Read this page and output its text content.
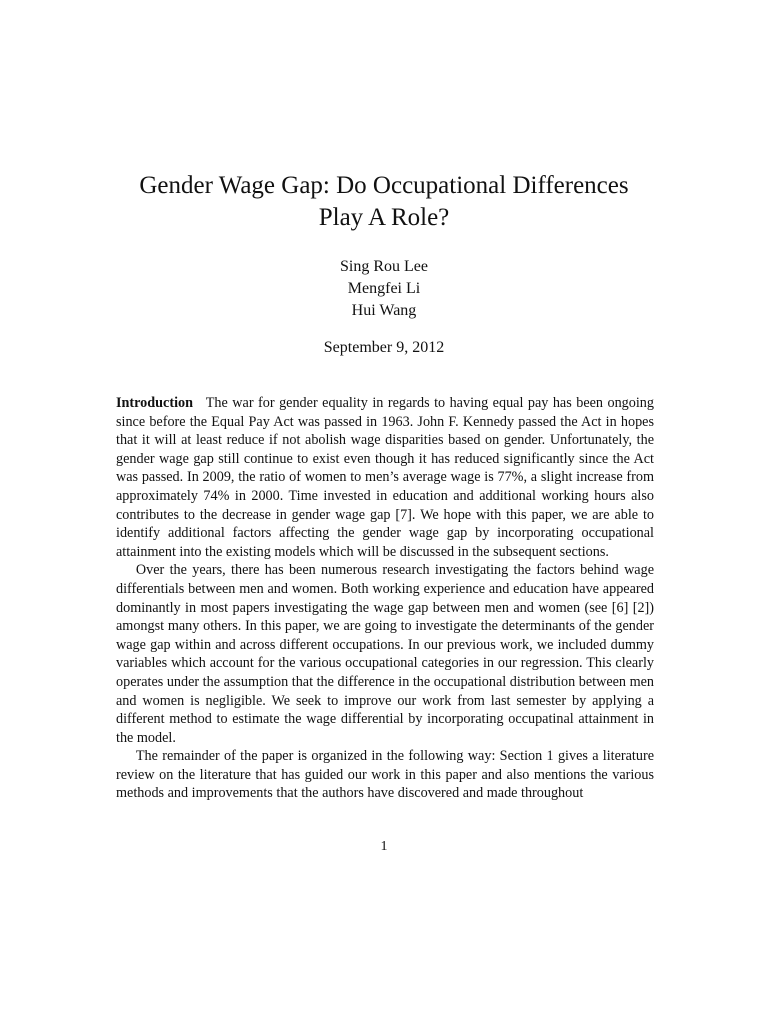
Gender Wage Gap: Do Occupational Differences
Play A Role?
Sing Rou Lee
Mengfei Li
Hui Wang
September 9, 2012

Introduction The war for gender equality in regards to having equal pay has been ongoing since before the Equal Pay Act was passed in 1963. John F. Kennedy passed the Act in hopes that it will at least reduce if not abolish wage disparities based on gender. Unfortunately, the gender wage gap still continue to exist even though it has reduced significantly since the Act was passed. In 2009, the ratio of women to men’s average wage is 77%, a slight increase from approximately 74% in 2000. Time invested in education and additional working hours also contributes to the decrease in gender wage gap [7]. We hope with this paper, we are able to identify additional factors affecting the gender wage gap by incorporating occupational attainment into the existing models which will be discussed in the subsequent sections.

Over the years, there has been numerous research investigating the factors behind wage differentials between men and women. Both working experience and education have appeared dominantly in most papers investigating the wage gap between men and women (see [6] [2]) amongst many others. In this paper, we are going to investigate the determinants of the gender wage gap within and across different occupations. In our previous work, we included dummy variables which account for the various occupational categories in our regression. This clearly operates under the assumption that the difference in the occupational distribution between men and women is negligible. We seek to improve our work from last semester by applying a different method to estimate the wage differential by incorporating occupatinal attainment in the model.

The remainder of the paper is organized in the following way: Section 1 gives a literature review on the literature that has guided our work in this paper and also mentions the various methods and improvements that the authors have discovered and made throughout

1
